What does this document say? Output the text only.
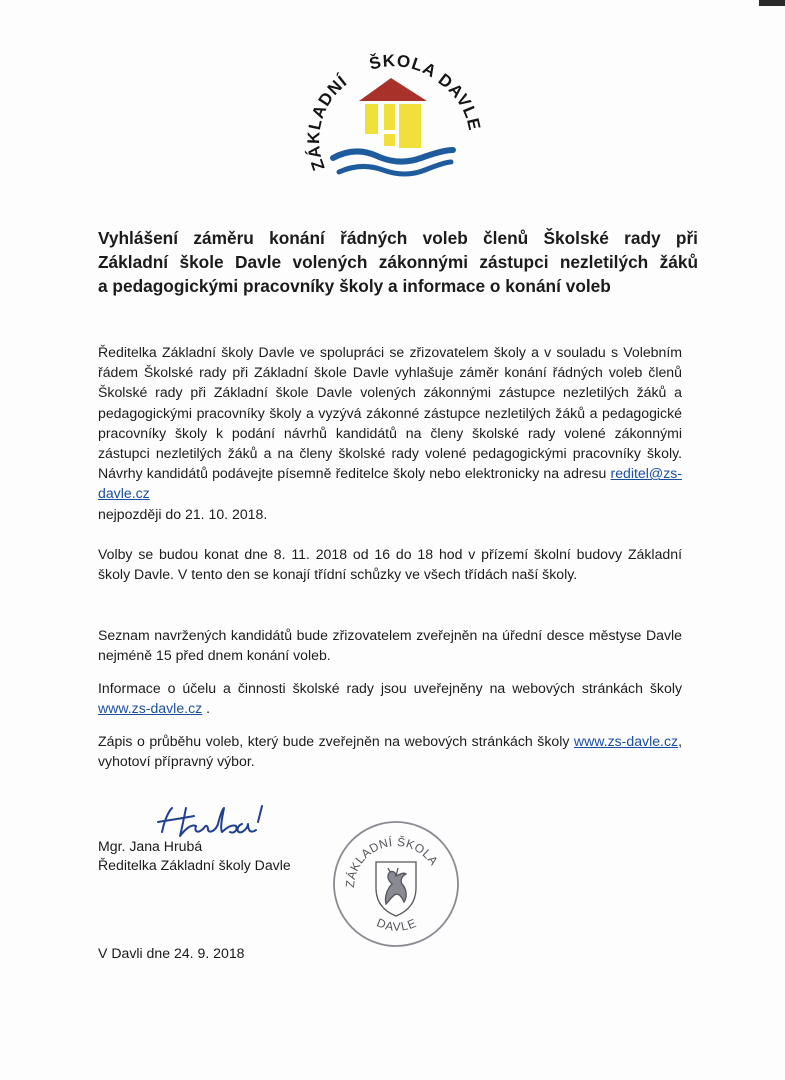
ZÁKLADNÍ
ŠKOLA
DAVLE
Vyhlášení záměru konání řádných voleb členů Školské rady při
Základní škole Davle volených zákonnými zástupci nezletilých žáků
a pedagogickými pracovníky školy a informace o konání voleb

Ředitelka Základní školy Davle ve spolupráci se zřizovatelem školy a v souladu s Volebním řádem Školské rady při Základní škole Davle vyhlašuje záměr konání řádných voleb členů Školské rady při Základní škole Davle volených zákonnými zástupce nezletilých žáků a pedagogickými pracovníky školy a vyzývá zákonné zástupce nezletilých žáků a pedagogické pracovníky školy k podání návrhů kandidátů na členy školské rady volené zákonnými zástupci nezletilých žáků a na členy školské rady volené pedagogickými pracovníky školy. Návrhy kandidátů podávejte písemně ředitelce školy nebo elektronicky na adresu reditel@zs-davle.cz
nejpozději do 21. 10. 2018.

Volby se budou konat dne 8. 11. 2018 od 16 do 18 hod v přízemí školní budovy Základní školy Davle. V tento den se konají třídní schůzky ve všech třídách naší školy.

Seznam navržených kandidátů bude zřizovatelem zveřejněn na úřední desce městyse Davle nejméně 15 před dnem konání voleb.

Informace o účelu a činnosti školské rady jsou uveřejněny na webových stránkách školy www.zs-davle.cz .

Zápis o průběhu voleb, který bude zveřejněn na webových stránkách školy www.zs-davle.cz, vyhotoví přípravný výbor.

Mgr. Jana Hrubá
Ředitelka Základní školy Davle
ZÁKLADNÍ ŠKOLA
DAVLE
V Davli dne 24. 9. 2018
